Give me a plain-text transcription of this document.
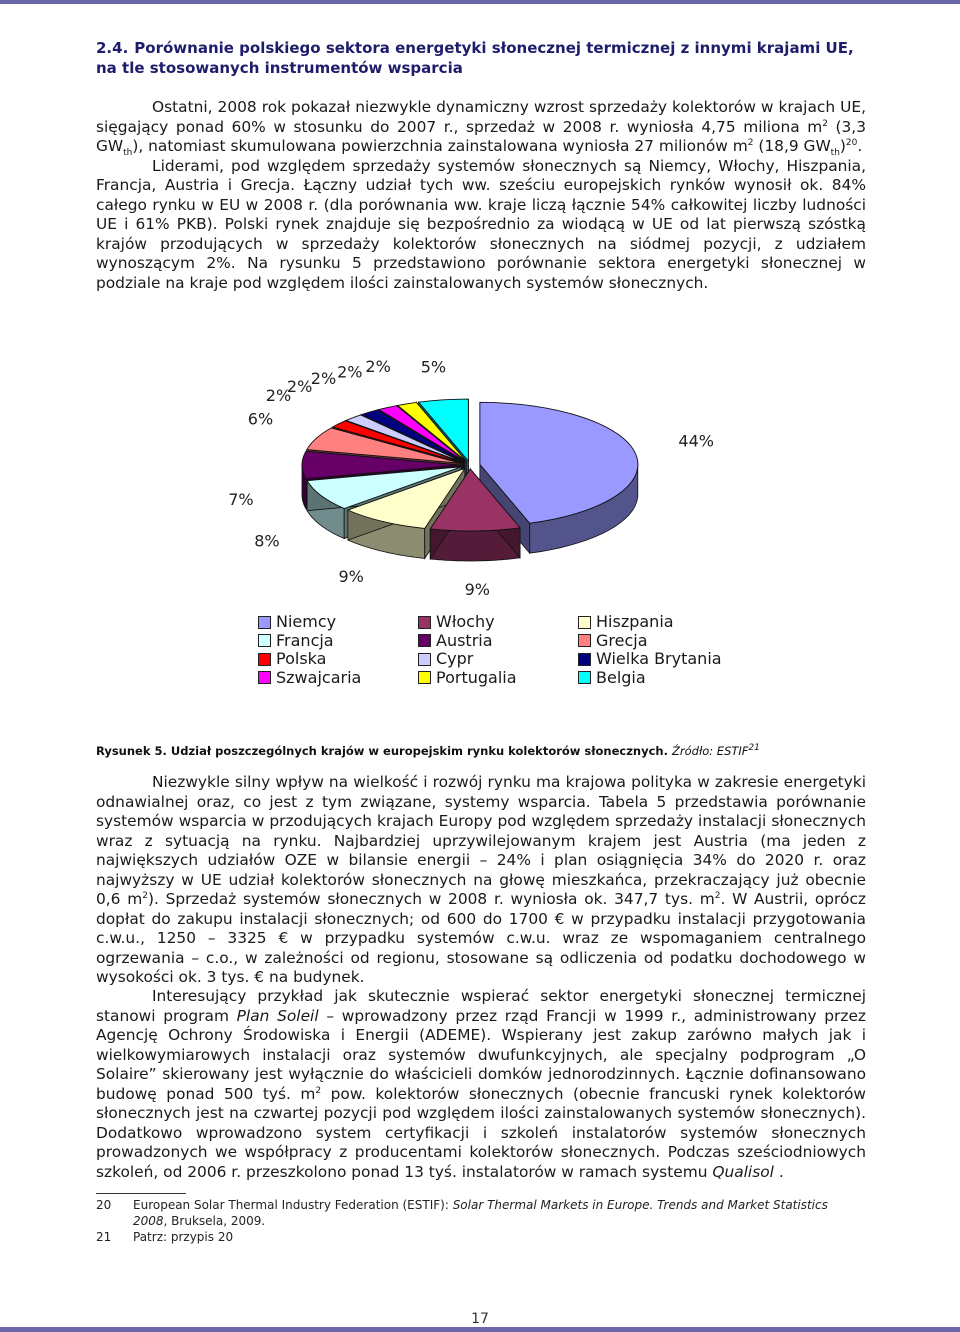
2.4. Porównanie polskiego sektora energetyki słonecznej termicznej z innymi krajami UE, na tle stosowanych instrumentów wsparcia

Ostatni, 2008 rok pokazał niezwykle dynamiczny wzrost sprzedaży kolektorów w krajach UE, sięgający ponad 60% w stosunku do 2007 r., sprzedaż w 2008 r. wyniosła 4,75 miliona $m^2$ (3,3 $GW_{th}$), natomiast skumulowana powierzchnia zainstalowana wyniosła 27 milionów $m^2$ (18,9 $GW_{th})^{20}$.
Liderami, pod względem sprzedaży systemów słonecznych są Niemcy, Włochy, Hiszpania, Francja, Austria i Grecja. Łączny udział tych ww. sześciu europejskich rynków wynosił ok. 84% całego rynku w EU w 2008 r. (dla porównania ww. kraje liczą łącznie 54% całkowitej liczby ludności UE i 61% PKB). Polski rynek znajduje się bezpośrednio za wiodącą w UE od lat pierwszą szóstką krajów przodujących w sprzedaży kolektorów słonecznych na siódmej pozycji, z udziałem wynoszącym 2%. Na rysunku 5 przedstawiono porównanie sektora energetyki słonecznej w podziale na kraje pod względem ilości zainstalowanych systemów słonecznych.

44%
9%
9%
8%
7%
6%
2%
2%
2% 2% 2% 5%
Niemcy	Włochy	Hiszpania
Francja	Austria	Grecja
Polska	Cypr	Wielka Brytania
Szwajcaria	Portugalia	Belgia
Rysunek 5. Udział poszczególnych krajów w europejskim rynku kolektorów słonecznych. Źródło: ESTIF$^{21}$

Niezwykle silny wpływ na wielkość i rozwój rynku ma krajowa polityka w zakresie energetyki odnawialnej oraz, co jest z tym związane, systemy wsparcia. Tabela 5 przedstawia porównanie systemów wsparcia w przodujących krajach Europy pod względem sprzedaży instalacji słonecznych wraz z sytuacją na rynku. Najbardziej uprzywilejowanym krajem jest Austria (ma jeden z największych udziałów OZE w bilansie energii – 24% i plan osiągnięcia 34% do 2020 r. oraz najwyższy w UE udział kolektorów słonecznych na głowę mieszkańca, przekraczający już obecnie 0,6 $m^2$). Sprzedaż systemów słonecznych w 2008 r. wyniosła ok. 347,7 tys. $m^2$. W Austrii, oprócz dopłat do zakupu instalacji słonecznych; od 600 do 1700 € w przypadku instalacji przygotowania c.w.u., 1250 – 3325 € w przypadku systemów c.w.u. wraz ze wspomaganiem centralnego ogrzewania – c.o., w zależności od regionu, stosowane są odliczenia od podatku dochodowego w wysokości ok. 3 tys. € na budynek.

Interesujący przykład jak skutecznie wspierać sektor energetyki słonecznej termicznej stanowi program Plan Soleil – wprowadzony przez rząd Francji w 1999 r., administrowany przez Agencję Ochrony Środowiska i Energii (ADEME). Wspierany jest zakup zarówno małych jak i wielkowymiarowych instalacji oraz systemów dwufunkcyjnych, ale specjalny podprogram „O Solaire” skierowany jest wyłącznie do właścicieli domków jednorodzinnych. Łącznie dofinansowano budowę ponad 500 tyś. $m^2$ pow. kolektorów słonecznych (obecnie francuski rynek kolektorów słonecznych jest na czwartej pozycji pod względem ilości zainstalowanych systemów słonecznych). Dodatkowo wprowadzono system certyfikacji i szkoleń instalatorów systemów słonecznych prowadzonych we współpracy z producentami kolektorów słonecznych. Podczas sześciodniowych szkoleń, od 2006 r. przeszkolono ponad 13 tyś. instalatorów w ramach systemu Qualisol .

20	European Solar Thermal Industry Federation (ESTIF): Solar Thermal Markets in Europe. Trends and Market Statistics 2008, Bruksela, 2009.
21	Patrz: przypis 20
17
